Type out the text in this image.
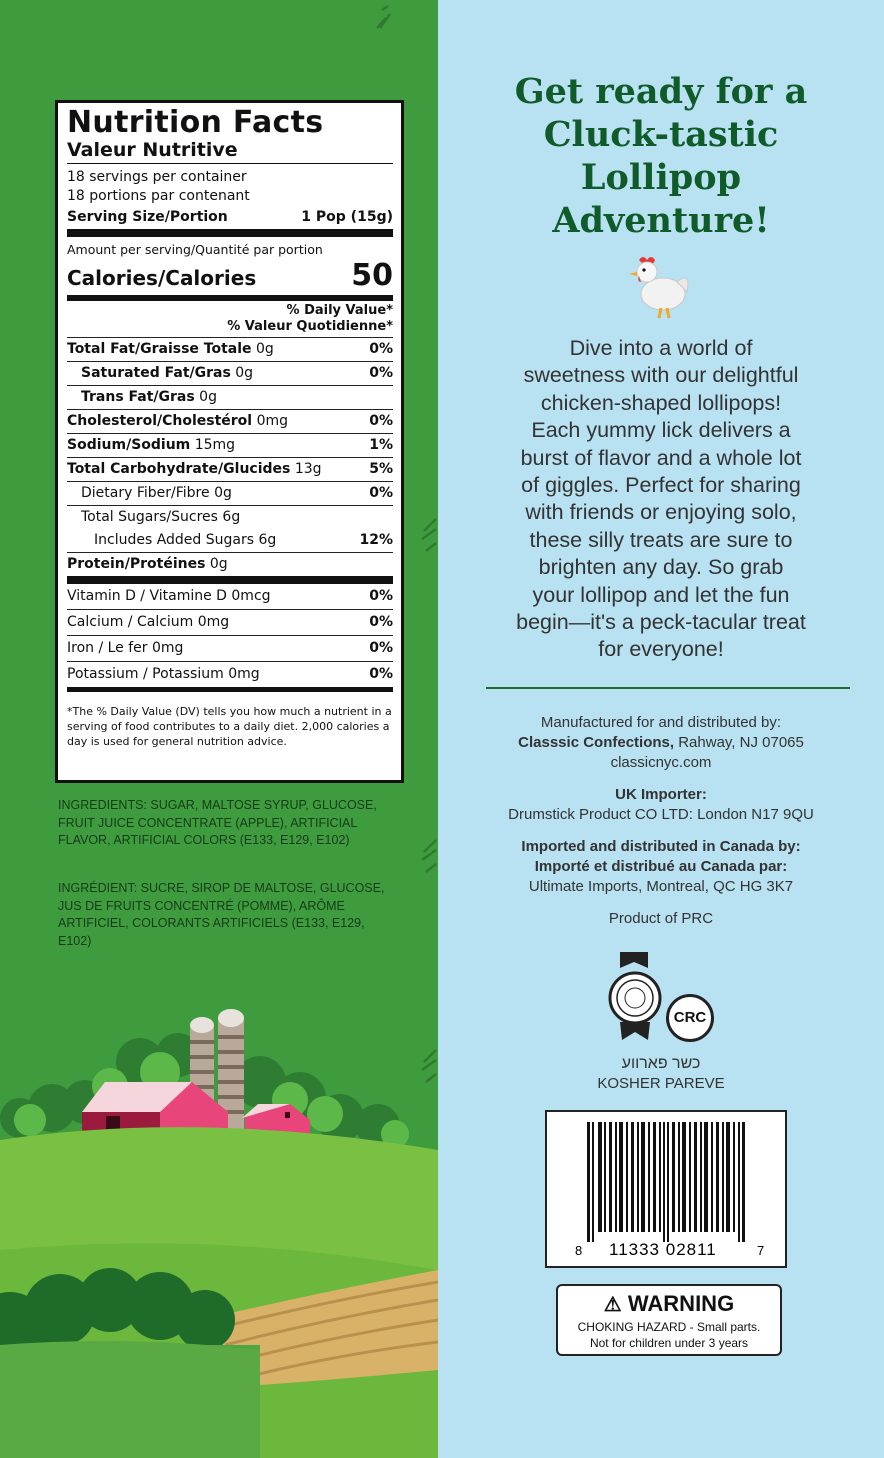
Nutrition Facts
Valeur Nutritive
18 servings per container
18 portions par contenant
Serving Size/Portion	1 Pop (15g)
Amount per serving/Quantité par portion
Calories/Calories	50
% Daily Value*
% Valeur Quotidienne*
Total Fat/Graisse Totale 0g	0%
Saturated Fat/Gras 0g	0%
Trans Fat/Gras 0g
Cholesterol/Cholestérol 0mg	0%
Sodium/Sodium 15mg	1%
Total Carbohydrate/Glucides 13g	5%
Dietary Fiber/Fibre 0g	0%
Total Sugars/Sucres 6g
Includes Added Sugars 6g	12%
Protein/Protéines 0g
Vitamin D / Vitamine D 0mcg	0%
Calcium / Calcium 0mg	0%
Iron / Le fer 0mg	0%
Potassium / Potassium 0mg	0%
*The % Daily Value (DV) tells you how much a nutrient in a serving of food contributes to a daily diet. 2,000 calories a day is used for general nutrition advice.
INGREDIENTS: SUGAR, MALTOSE SYRUP, GLUCOSE, FRUIT JUICE CONCENTRATE (APPLE), ARTIFICIAL FLAVOR, ARTIFICIAL COLORS (E133, E129, E102)
INGRÉDIENT: SUCRE, SIROP DE MALTOSE, GLUCOSE, JUS DE FRUITS CONCENTRÉ (POMME), ARÔME ARTIFICIEL, COLORANTS ARTIFICIELS (E133, E129, E102)
Get ready for a
Cluck-tastic
Lollipop
Adventure!
Dive into a world of
sweetness with our delightful
chicken-shaped lollipops!
Each yummy lick delivers a
burst of flavor and a whole lot
of giggles. Perfect for sharing
with friends or enjoying solo,
these silly treats are sure to
brighten any day. So grab
your lollipop and let the fun
begin—it's a peck-tacular treat
for everyone!
Manufactured for and distributed by:
Classsic Confections, Rahway, NJ 07065
classicnyc.com
UK Importer:
Drumstick Product CO LTD: London N17 9QU
Imported and distributed in Canada by:
Importé et distribué au Canada par:
Ultimate Imports, Montreal, QC HG 3K7
Product of PRC
CRC
כשר פארווע
KOSHER PAREVE
8 11333 02811	7
⚠ WARNING
CHOKING HAZARD - Small parts.
Not for children under 3 years
